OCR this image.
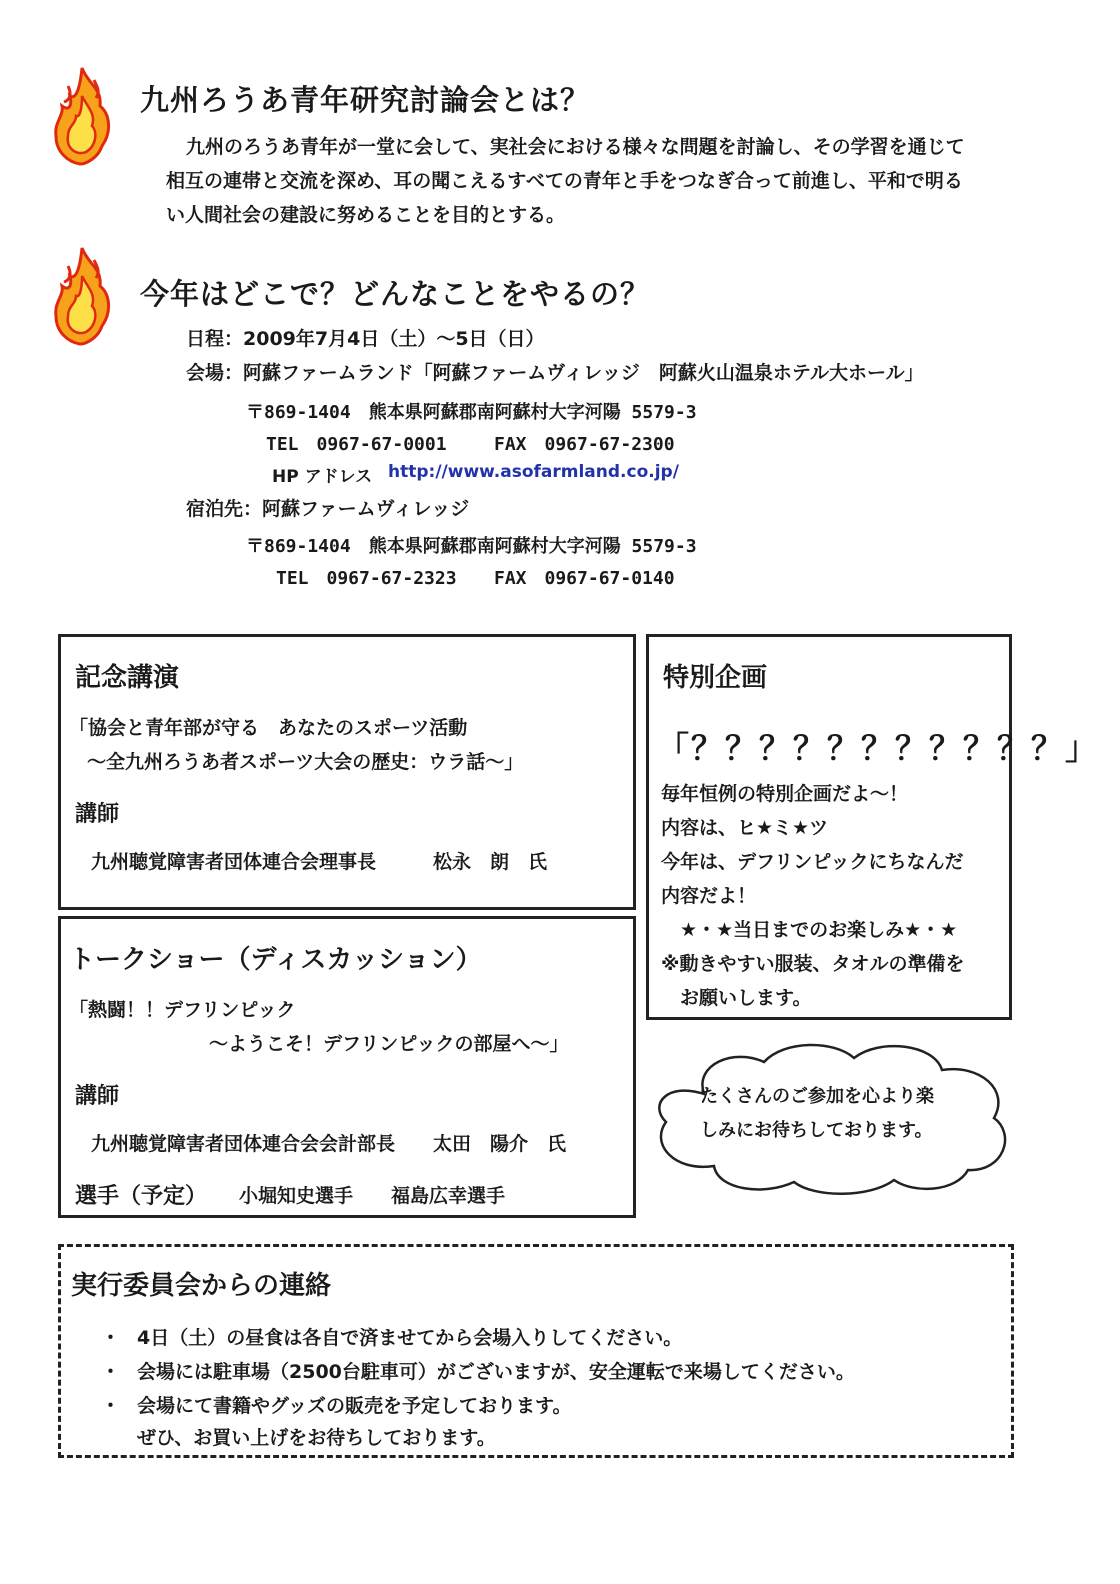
九州ろうあ青年研究討論会とは？
九州のろうあ青年が一堂に会して、実社会における様々な問題を討論し、その学習を通じて
相互の連帯と交流を深め、耳の聞こえるすべての青年と手をつなぎ合って前進し、平和で明る
い人間社会の建設に努めることを目的とする。
今年はどこで？どんなことをやるの？
日程：2009年7月4日（土）～5日（日）
会場：阿蘇ファームランド「阿蘇ファームヴィレッジ　阿蘇火山温泉ホテル大ホール」
〒869-1404　熊本県阿蘇郡南阿蘇村大字河陽 5579-3
TEL　0967-67-0001	FAX　0967-67-2300
HP アドレス http://www.asofarmland.co.jp/
宿泊先：阿蘇ファームヴィレッジ
〒869-1404　熊本県阿蘇郡南阿蘇村大字河陽 5579-3
TEL　0967-67-2323 FAX　0967-67-0140
記念講演
「協会と青年部が守る　あなたのスポーツ活動
～全九州ろうあ者スポーツ大会の歴史：ウラ話～」
講師
九州聴覚障害者団体連合会理事長　　　松永　朗　氏
特別企画
「？？？？？？？？？？？」
毎年恒例の特別企画だよ～！
内容は、ヒ★ミ★ツ
今年は、デフリンピックにちなんだ
内容だよ！
　★・★当日までのお楽しみ★・★
※動きやすい服装、タオルの準備を
　お願いします。
トークショー（ディスカッション）
「熱闘！！デフリンピック
～ようこそ！デフリンピックの部屋へ～」
講師
九州聴覚障害者団体連合会会計部長　　太田　陽介　氏
選手（予定） 小堀知史選手　　福島広幸選手
たくさんのご参加を心より楽
しみにお待ちしております。
実行委員会からの連絡
・ 4日（土）の昼食は各自で済ませてから会場入りしてください。
・ 会場には駐車場（2500台駐車可）がございますが、安全運転で来場してください。
・ 会場にて書籍やグッズの販売を予定しております。
ぜひ、お買い上げをお待ちしております。
